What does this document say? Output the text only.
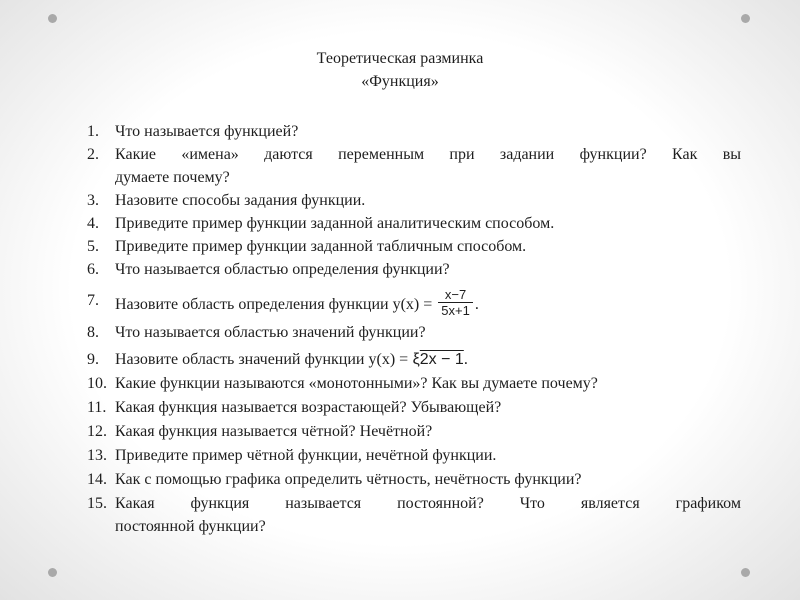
Теоретическая разминка
«Функция»
1. Что называется функцией?
2. Какие «имена» даются переменным при задании функции? Как вы
думаете почему?
3. Назовите способы задания функции.
4. Приведите пример функции заданной аналитическим способом.
5. Приведите пример функции заданной табличным способом.
6. Что называется областью определения функции?
7. Назовите область определения функции $у(х) = \frac{x-7}{5x+1}$ .
8. Что называется областью значений функции?
9. Назовите область значений функции у(х) = ξ2x − 1.
10. Какие функции называются «монотонными»? Как вы думаете почему?
11. Какая функция называется возрастающей? Убывающей?
12. Какая функция называется чётной? Нечётной?
13. Приведите пример чётной функции, нечётной функции.
14. Как с помощью графика определить чётность, нечётность функции?
15. Какая функция называется постоянной? Что является графиком
постоянной функции?
